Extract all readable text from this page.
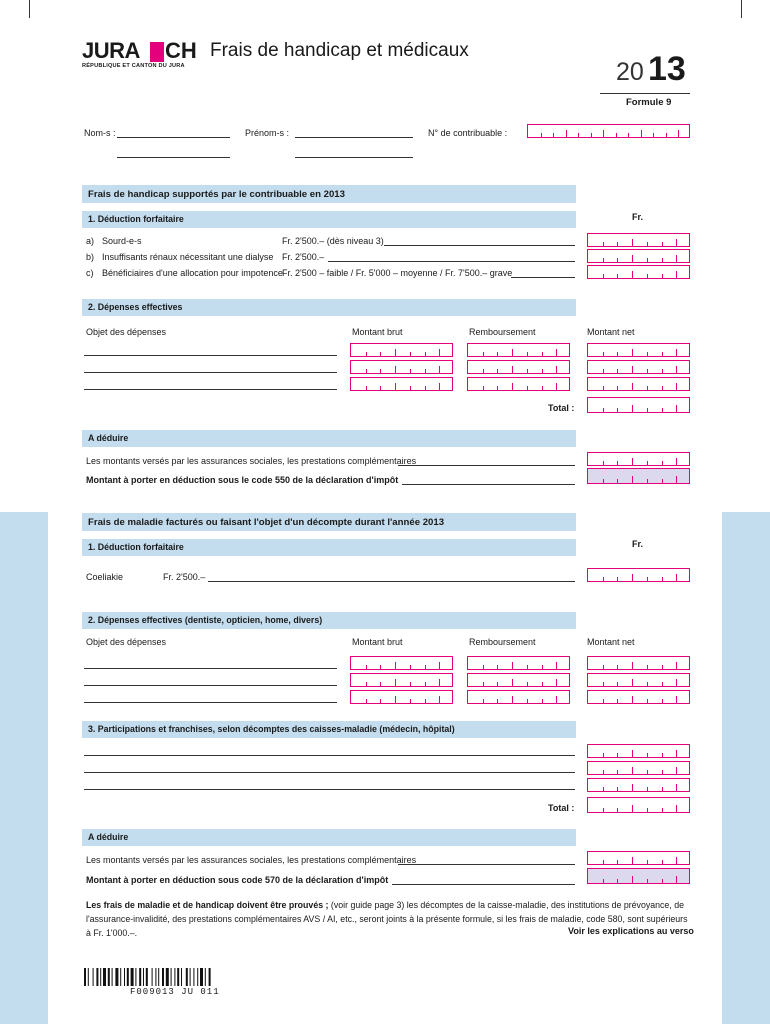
JURA CH
RÉPUBLIQUE ET CANTON DU JURA
Frais de handicap et médicaux
20 13
Formule 9
Nom-s :	Prénom-s :	N° de contribuable :
Frais de handicap supportés par le contribuable en 2013
Fr.
1. Déduction forfaitaire
a) Sourd-e-s	Fr. 2'500.– (dès niveau 3)
b) Insuffisants rénaux nécessitant une dialyse Fr. 2'500.–
c) Bénéficiaires d'une allocation pour impotence Fr. 2'500 – faible / Fr. 5'000 – moyenne / Fr. 7'500.– grave
2. Dépenses effectives
Objet des dépenses	Montant brut	Remboursement	Montant net
Total :
A déduire
Les montants versés par les assurances sociales, les prestations complémentaires
Montant à porter en déduction sous le code 550 de la déclaration d'impôt
Frais de maladie facturés ou faisant l'objet d'un décompte durant l'année 2013
Fr.
1. Déduction forfaitaire
Coeliakie	Fr. 2'500.–
2. Dépenses effectives (dentiste, opticien, home, divers)
Objet des dépenses	Montant brut	Remboursement	Montant net
3. Participations et franchises, selon décomptes des caisses-maladie (médecin, hôpital)
Total :
A déduire
Les montants versés par les assurances sociales, les prestations complémentaires
Montant à porter en déduction sous code 570 de la déclaration d'impôt
Les frais de maladie et de handicap doivent être prouvés ; (voir guide page 3) les décomptes de la caisse-maladie, des institutions de prévoyance, de l'assurance-invalidité, des prestations complémentaires AVS / AI, etc., seront joints à la présente formule, si les frais de maladie, code 580, sont supérieurs à Fr. 1'000.–.	Voir les explications au verso
F009013 JU 011
